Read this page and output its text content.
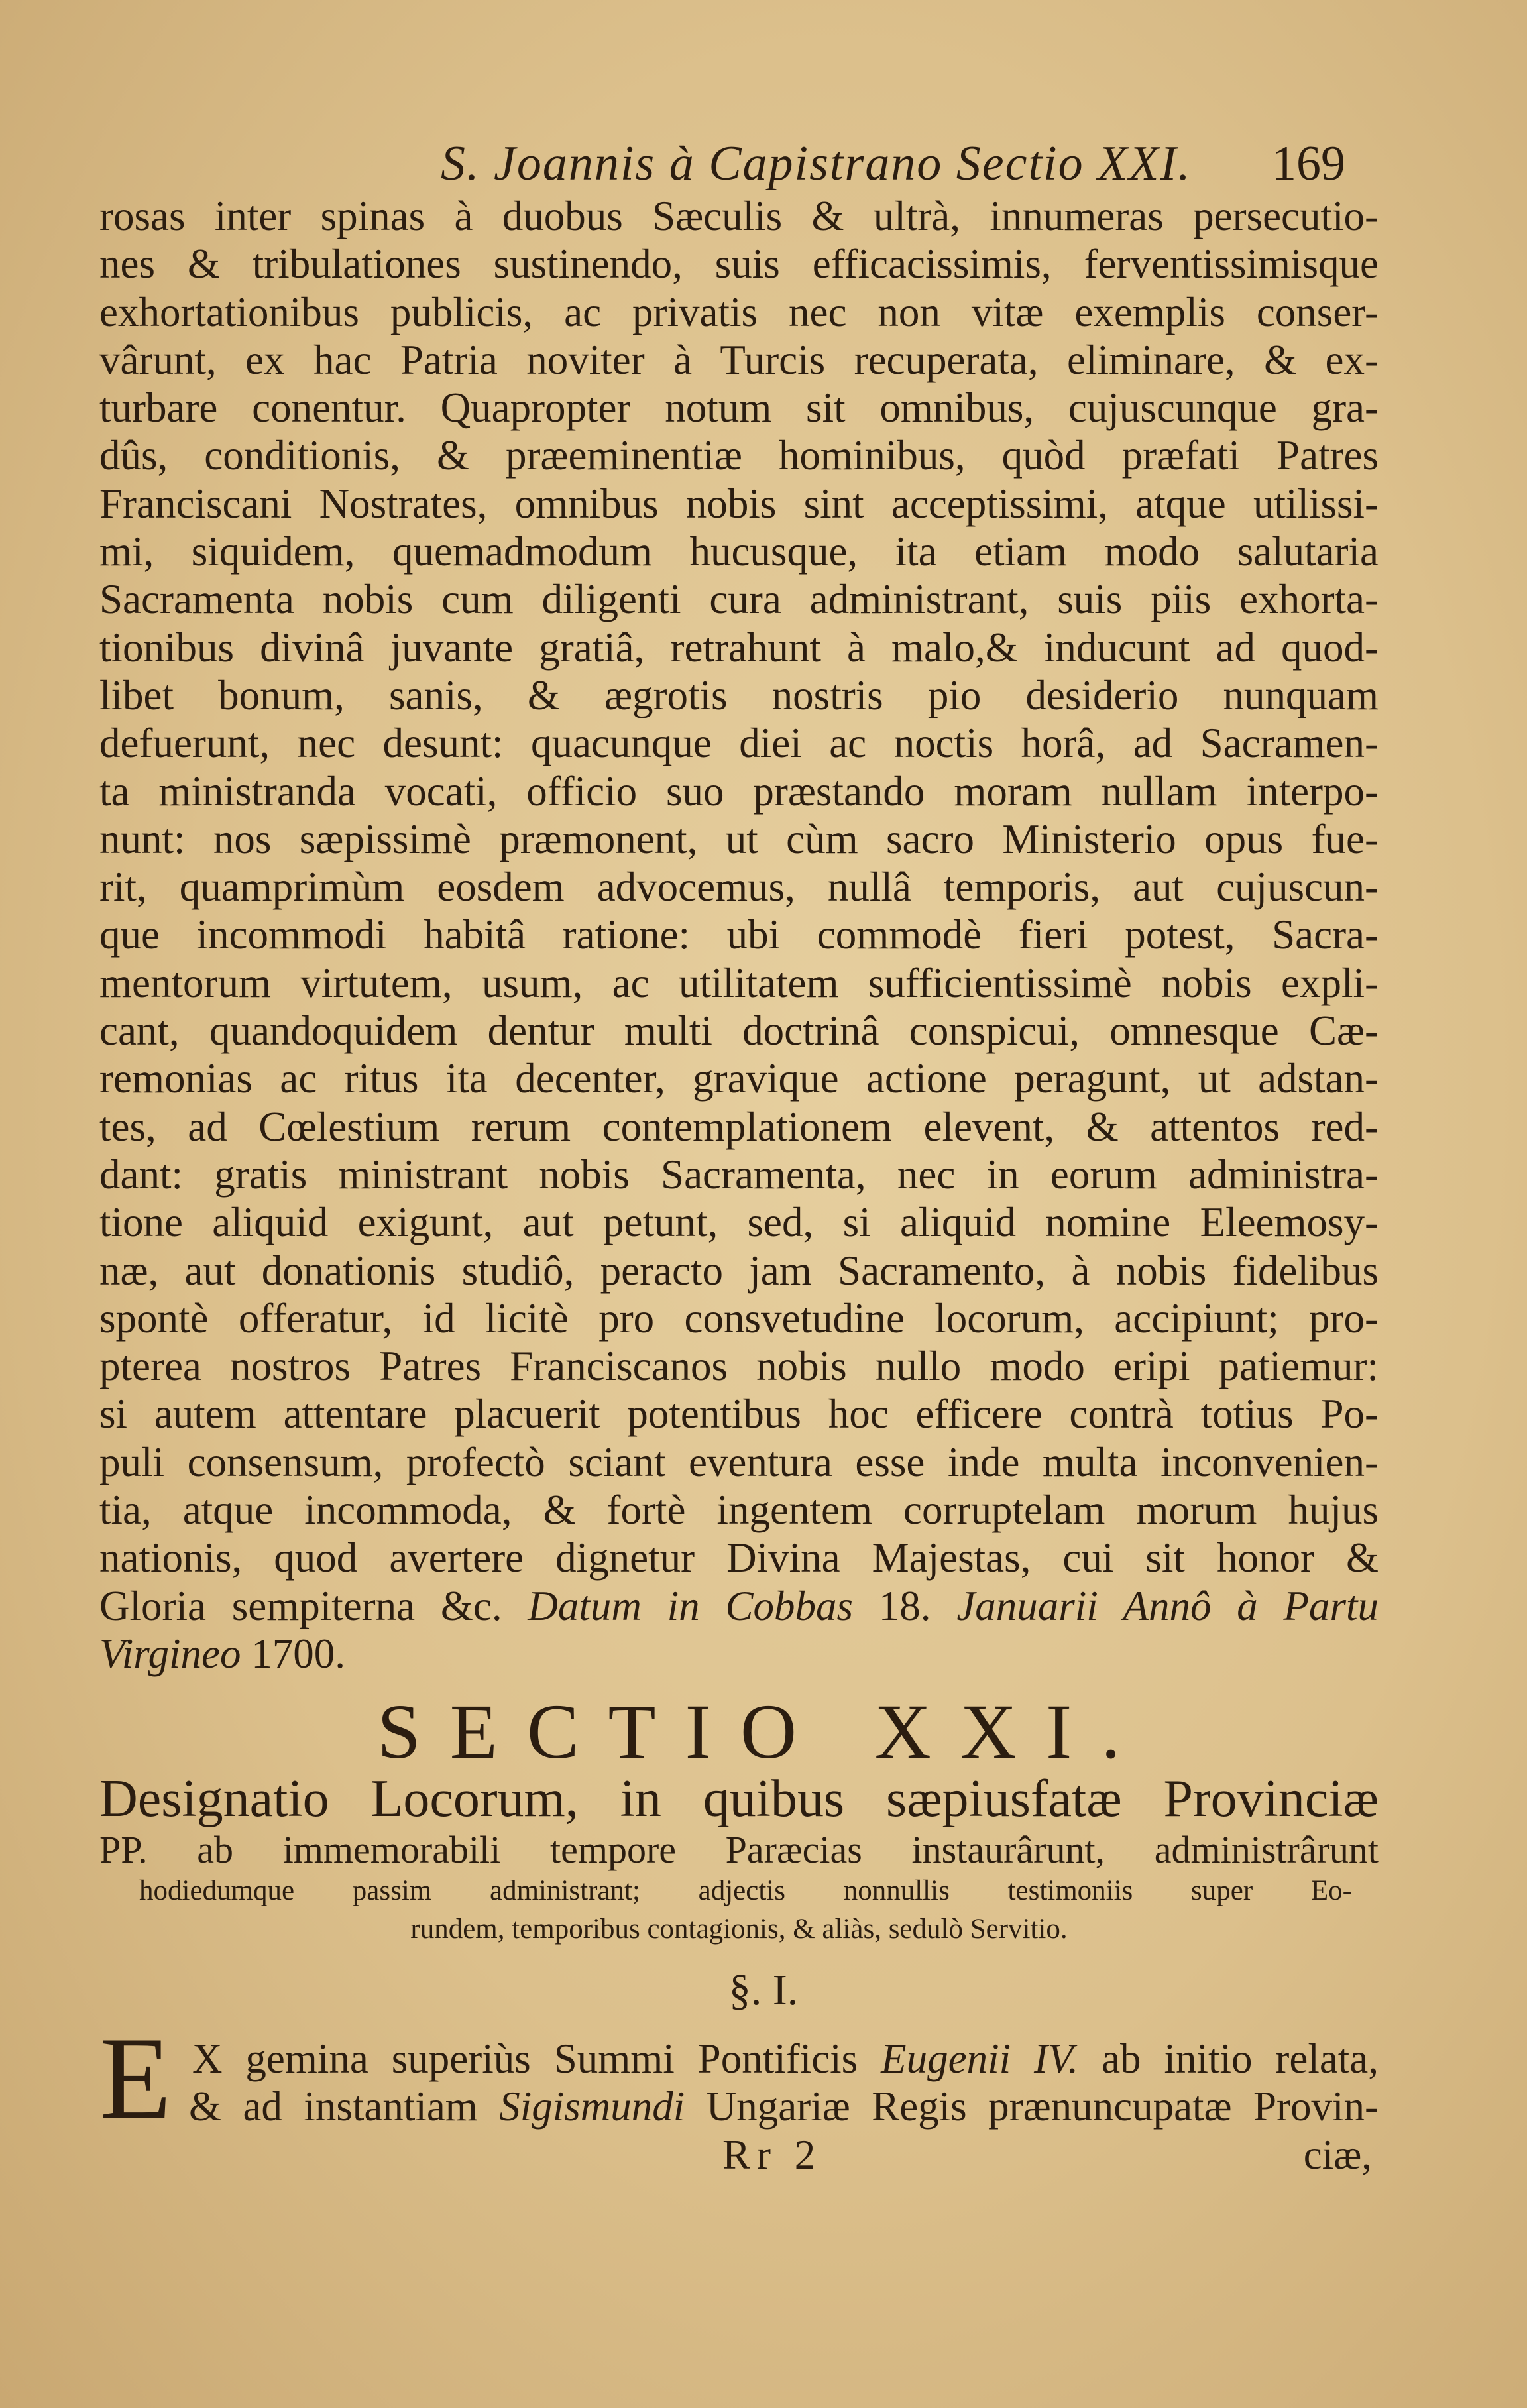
S. Joannis à Capistrano Sectio XXI. 169
rosas inter spinas à duobus Sæculis & ultrà, innumeras persecutio-
nes & tribulationes sustinendo, suis efficacissimis, ferventissimisque
exhortationibus publicis, ac privatis nec non vitæ exemplis conser-
vârunt, ex hac Patria noviter à Turcis recuperata, eliminare, & ex-
turbare conentur. Quapropter notum sit omnibus, cujuscunque gra-
dûs, conditionis, & præeminentiæ hominibus, quòd præfati Patres
Franciscani Nostrates, omnibus nobis sint acceptissimi, atque utilissi-
mi, siquidem, quemadmodum hucusque, ita etiam modo salutaria
Sacramenta nobis cum diligenti cura administrant, suis piis exhorta-
tionibus divinâ juvante gratiâ, retrahunt à malo,& inducunt ad quod-
libet bonum, sanis, & ægrotis nostris pio desiderio nunquam
defuerunt, nec desunt: quacunque diei ac noctis horâ, ad Sacramen-
ta ministranda vocati, officio suo præstando moram nullam interpo-
nunt: nos sæpissimè præmonent, ut cùm sacro Ministerio opus fue-
rit, quamprimùm eosdem advocemus, nullâ temporis, aut cujuscun-
que incommodi habitâ ratione: ubi commodè fieri potest, Sacra-
mentorum virtutem, usum, ac utilitatem sufficientissimè nobis expli-
cant, quandoquidem dentur multi doctrinâ conspicui, omnesque Cæ-
remonias ac ritus ita decenter, gravique actione peragunt, ut adstan-
tes, ad Cœlestium rerum contemplationem elevent, & attentos red-
dant: gratis ministrant nobis Sacramenta, nec in eorum administra-
tione aliquid exigunt, aut petunt, sed, si aliquid nomine Eleemosy-
næ, aut donationis studiô, peracto jam Sacramento, à nobis fidelibus
spontè offeratur, id licitè pro consvetudine locorum, accipiunt; pro-
pterea nostros Patres Franciscanos nobis nullo modo eripi patiemur:
si autem attentare placuerit potentibus hoc efficere contrà totius Po-
puli consensum, profectò sciant eventura esse inde multa inconvenien-
tia, atque incommoda, & fortè ingentem corruptelam morum hujus
nationis, quod avertere dignetur Divina Majestas, cui sit honor &
Gloria sempiterna &c. Datum in Cobbas 18. Januarii Annô à Partu
Virgineo 1700.
SECTIO XXI.
Designatio Locorum, in quibus sæpiusfatæ Provinciæ
PP. ab immemorabili tempore Paræcias instaurârunt, administrârunt
hodiedumque passim administrant; adjectis nonnullis testimoniis super Eo-
rundem, temporibus contagionis, & aliàs, sedulò Servitio.
§. I.
E X gemina superiùs Summi Pontificis Eugenii IV. ab initio relata,
& ad instantiam Sigismundi Ungariæ Regis prænuncupatæ Provin-
Rr 2	ciæ,
